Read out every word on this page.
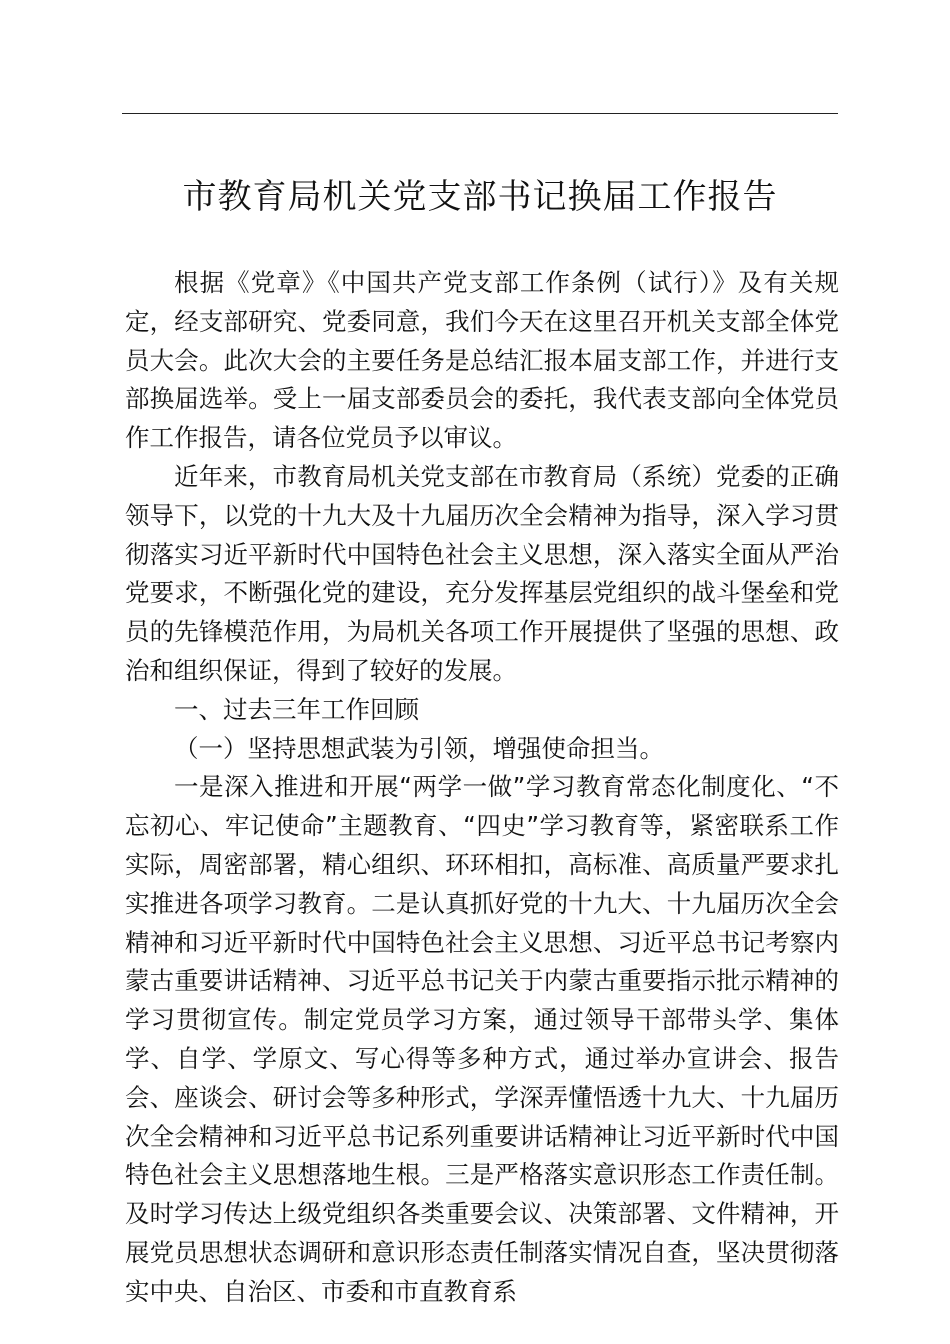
市教育局机关党支部书记换届工作报告

根据《党章》《中国共产党支部工作条例（试行）》及有关规定，经支部研究、党委同意，我们今天在这里召开机关支部全体党员大会。此次大会的主要任务是总结汇报本届支部工作，并进行支部换届选举。受上一届支部委员会的委托，我代表支部向全体党员作工作报告，请各位党员予以审议。

近年来，市教育局机关党支部在市教育局（系统）党委的正确领导下，以党的十九大及十九届历次全会精神为指导，深入学习贯彻落实习近平新时代中国特色社会主义思想，深入落实全面从严治党要求，不断强化党的建设，充分发挥基层党组织的战斗堡垒和党员的先锋模范作用，为局机关各项工作开展提供了坚强的思想、政治和组织保证，得到了较好的发展。

一、过去三年工作回顾

（一）坚持思想武装为引领，增强使命担当。

一是深入推进和开展“两学一做”学习教育常态化制度化、“不忘初心、牢记使命”主题教育、“四史”学习教育等，紧密联系工作实际，周密部署，精心组织、环环相扣，高标准、高质量严要求扎实推进各项学习教育。二是认真抓好党的十九大、十九届历次全会精神和习近平新时代中国特色社会主义思想、习近平总书记考察内蒙古重要讲话精神、习近平总书记关于内蒙古重要指示批示精神的学习贯彻宣传。制定党员学习方案，通过领导干部带头学、集体学、自学、学原文、写心得等多种方式，通过举办宣讲会、报告会、座谈会、研讨会等多种形式，学深弄懂悟透十九大、十九届历次全会精神和习近平总书记系列重要讲话精神让习近平新时代中国特色社会主义思想落地生根。三是严格落实意识形态工作责任制。及时学习传达上级党组织各类重要会议、决策部署、文件精神，开展党员思想状态调研和意识形态责任制落实情况自查，坚决贯彻落实中央、自治区、市委和市直教育系
